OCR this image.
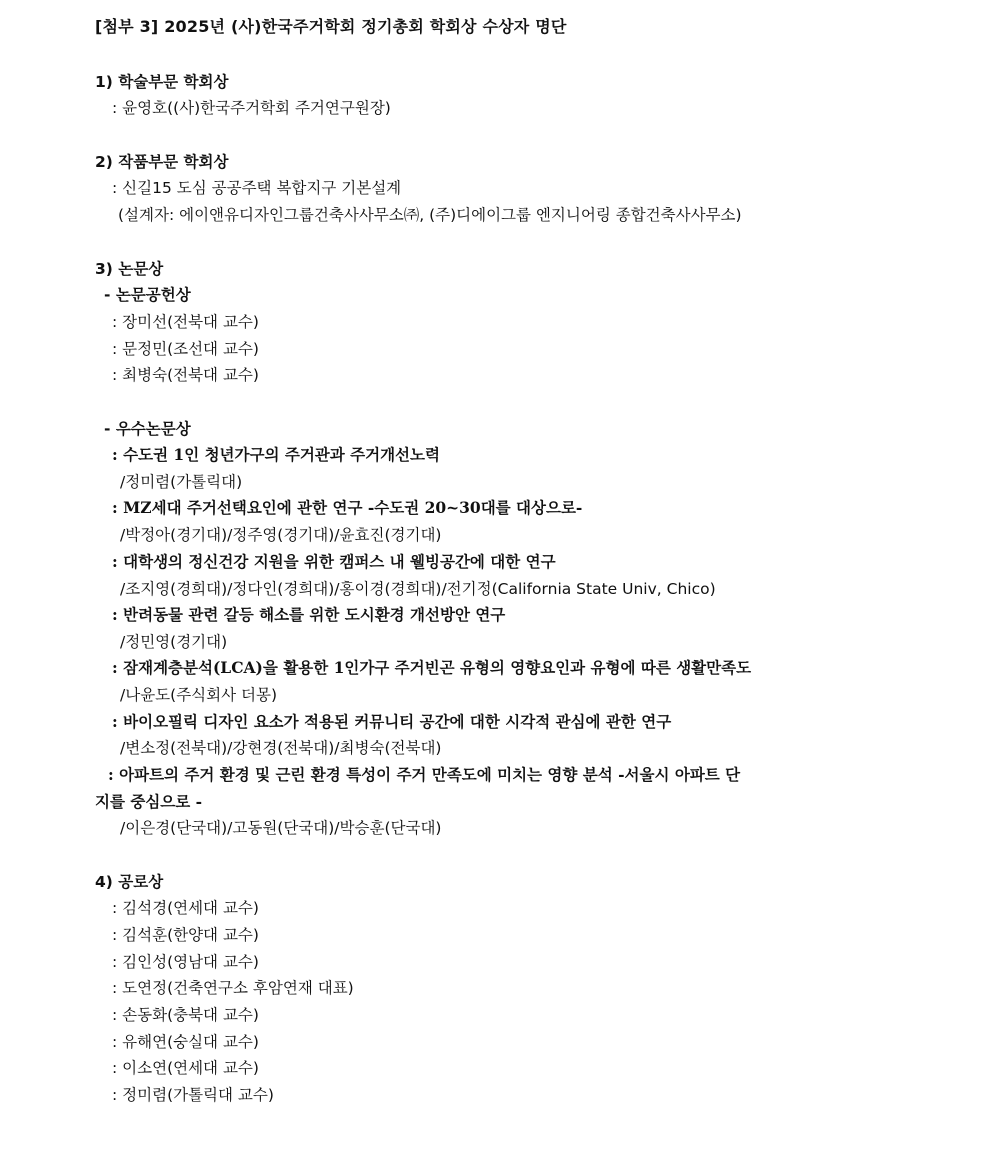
[첨부 3] 2025년 (사)한국주거학회 정기총회 학회상 수상자 명단
1) 학술부문 학회상
: 윤영호((사)한국주거학회 주거연구원장)
2) 작품부문 학회상
: 신길15 도심 공공주택 복합지구 기본설계
(설계자: 에이앤유디자인그룹건축사사무소㈜, (주)디에이그룹 엔지니어링 종합건축사사무소)
3) 논문상
- 논문공헌상
: 장미선(전북대 교수)
: 문정민(조선대 교수)
: 최병숙(전북대 교수)
- 우수논문상
: 수도권 1인 청년가구의 주거관과 주거개선노력
/정미렴(가톨릭대)
: MZ세대 주거선택요인에 관한 연구 -수도권 20~30대를 대상으로-
/박정아(경기대)/정주영(경기대)/윤효진(경기대)
: 대학생의 정신건강 지원을 위한 캠퍼스 내 웰빙공간에 대한 연구
/조지영(경희대)/정다인(경희대)/홍이경(경희대)/전기정(California State Univ, Chico)
: 반려동물 관련 갈등 해소를 위한 도시환경 개선방안 연구
/정민영(경기대)
: 잠재계층분석(LCA)을 활용한 1인가구 주거빈곤 유형의 영향요인과 유형에 따른 생활만족도
/나윤도(주식회사 더몽)
: 바이오필릭 디자인 요소가 적용된 커뮤니티 공간에 대한 시각적 관심에 관한 연구
/변소정(전북대)/강현경(전북대)/최병숙(전북대)
: 아파트의 주거 환경 및 근린 환경 특성이 주거 만족도에 미치는 영향 분석 -서울시 아파트 단
지를 중심으로 -
/이은경(단국대)/고동원(단국대)/박승훈(단국대)
4) 공로상
: 김석경(연세대 교수)
: 김석훈(한양대 교수)
: 김인성(영남대 교수)
: 도연정(건축연구소 후암연재 대표)
: 손동화(충북대 교수)
: 유해연(숭실대 교수)
: 이소연(연세대 교수)
: 정미렴(가톨릭대 교수)
